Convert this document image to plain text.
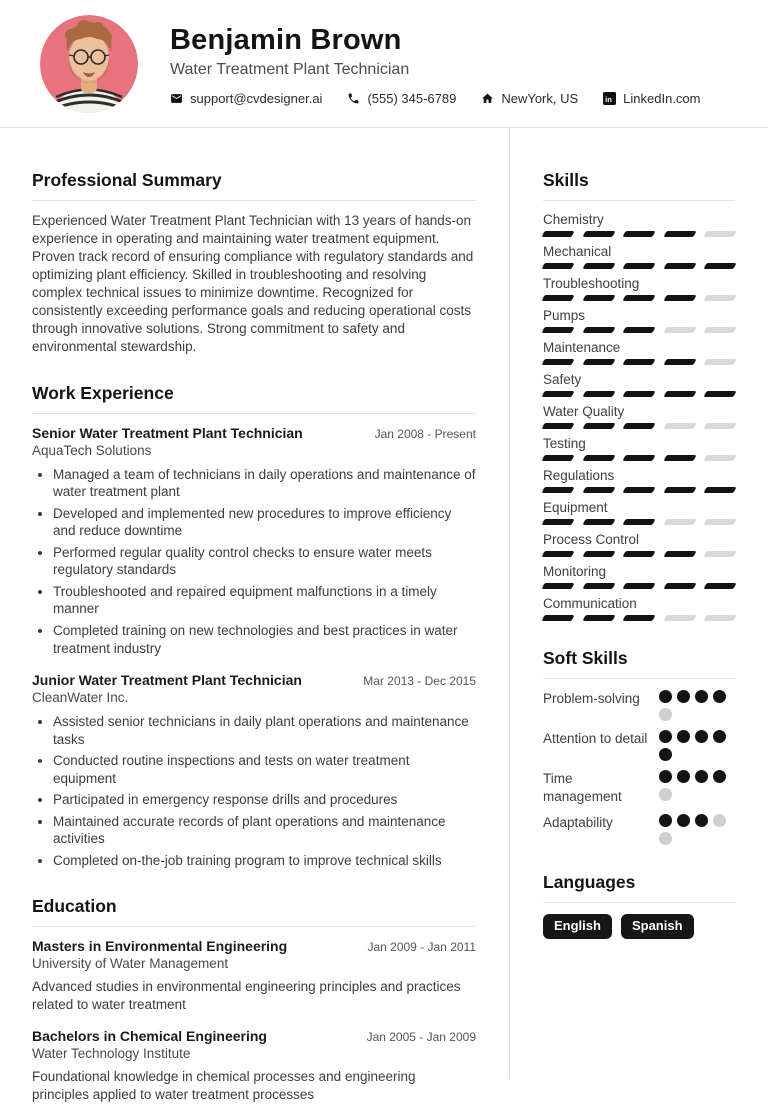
Benjamin Brown
Water Treatment Plant Technician
support@cvdesigner.ai	(555) 345-6789	NewYork, US in LinkedIn.com
Professional Summary

Experienced Water Treatment Plant Technician with 13 years of hands-on experience in operating and maintaining water treatment equipment. Proven track record of ensuring compliance with regulatory standards and optimizing plant efficiency. Skilled in troubleshooting and resolving complex technical issues to minimize downtime. Recognized for consistently exceeding performance goals and reducing operational costs through innovative solutions. Strong commitment to safety and environmental stewardship.

Work Experience
Senior Water Treatment Plant Technician	Jan 2008 - Present
AquaTech Solutions
• Managed a team of technicians in daily operations and maintenance of water treatment plant
• Developed and implemented new procedures to improve efficiency and reduce downtime
• Performed regular quality control checks to ensure water meets regulatory standards
• Troubleshooted and repaired equipment malfunctions in a timely manner
• Completed training on new technologies and best practices in water treatment industry
Junior Water Treatment Plant Technician	Mar 2013 - Dec 2015
CleanWater Inc.
• Assisted senior technicians in daily plant operations and maintenance tasks
• Conducted routine inspections and tests on water treatment equipment
• Participated in emergency response drills and procedures
• Maintained accurate records of plant operations and maintenance activities
• Completed on-the-job training program to improve technical skills
Education
Masters in Environmental Engineering	Jan 2009 - Jan 2011
University of Water Management

Advanced studies in environmental engineering principles and practices related to water treatment

Bachelors in Chemical Engineering	Jan 2005 - Jan 2009
Water Technology Institute

Foundational knowledge in chemical processes and engineering principles applied to water treatment processes

Skills
Chemistry
Mechanical
Troubleshooting
Pumps
Maintenance
Safety
Water Quality
Testing
Regulations
Equipment
Process Control
Monitoring
Communication
Soft Skills
Problem-solving
Attention to detail
Time management
Adaptability
Languages
English	Spanish
